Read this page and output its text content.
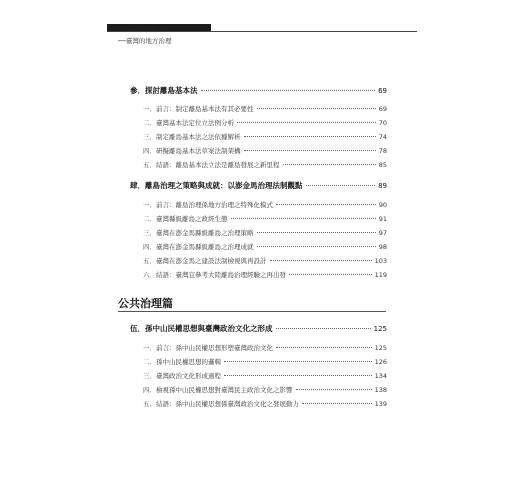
治理系統（卷二）
──臺灣的地方治理
參．探討離島基本法	69
一．前言：制定離島基本法有其必要性	69
二．臺灣基本法定位立法例分析	70
三．制定離島基本法之法依據解析	74
四．研擬離島基本法草案法制架構	78
五．結語：離島基本法立法是離島發展之新里程	85
肆．離島治理之策略與成就：以澎金馬治理法制觀點	89
一．前言：離島治理係地方治理之特殊化模式	90
二．臺灣縣級離島之政經生態	91
三．臺灣在澎金馬縣級離島之治理策略	97
四．臺灣在澎金馬縣級離島之治理成就	98
五．臺灣在澎金馬之建設法制檢視與再設計	103
六．結語：臺灣宜參考大陸離島治理經驗之再出發	119
公共治理篇
伍．孫中山民權思想與臺灣政治文化之形成	125
一．前言：孫中山民權思想形塑臺灣政治文化	125
二．孫中山民權思想的邏輯	126
三．臺灣政治文化形成過程	134
四．檢視孫中山民權思想對臺灣民主政治文化之影響	138
五．結語：孫中山民權思想係臺灣政治文化之發展動力	139
